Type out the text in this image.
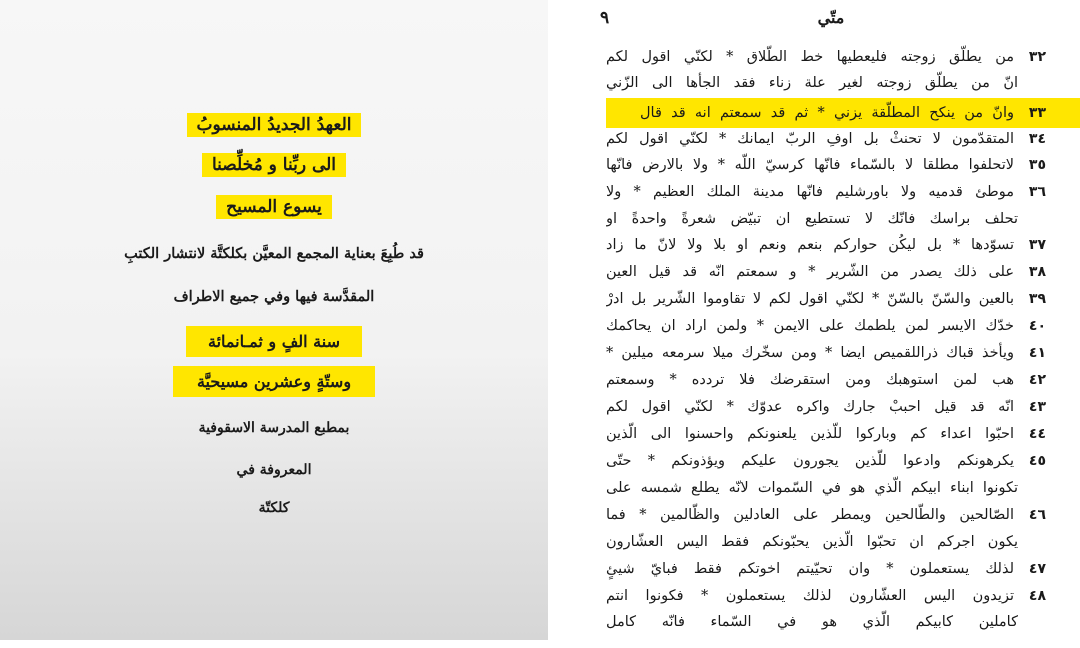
العهدُ الجديدُ المنسوبُ
الى ربِّنا و مُخلِّصنا
يسوع المسيح
قد طُبِعَ بعناية المجمع المعيَّن بكلكتَّة لانتشار الكتبِ
المقدَّسة فيها وفي جميع الاطراف
سنة الفٍ و ثمـانمائة
وستّةٍ وعشرين مسيحيَّة
بمطبع المدرسة الاسقوفية
المعروفة في
كلكتّة
٩	متّي
٣٢
من يطلّق زوجته فليعطيها خط الطّلاق * لكنّي اقول لكم
انّ من يطلّق زوجته لغير علة زناء فقد الجأها الى الزّني
٣٣
وانّ من ينكح المطلّقة يزني * ثم قد سمعتم انه قد قال
٣٤
المتقدّمون لا تحنثْ بل اوفِ الربّ ايمانك * لكنّي اقول لكم
٣٥
لاتحلفوا مطلقا لا بالسّماء فانّها كرسيّ اللّه * ولا بالارض فانّها
٣٦
موطئ قدميه ولا باورشليم فانّها مدينة الملك العظيم * ولا
تحلف براسك فانّك لا تستطيع ان تبيّض شعرةً واحدةً او
٣٧
تسوّدها * بل ليكُن حواركم بنعم ونعم او بلا ولا لانّ ما زاد
٣٨
على ذلك يصدر من الشّرير * و سمعتم انّه قد قيل العين
٣٩
بالعين والسّنّ بالسّنّ * لكنّي اقول لكم لا تقاوموا الشّرير بل ادرْ
٤٠
خدّك الايسر لمن يلطمك على الايمن * ولمن اراد ان يحاكمك
٤١
ويأخذ قباك ذراللقميص ايضا * ومن سخّرك ميلا سرمعه ميلين *
٤٢
هب لمن استوهبك ومن استقرضك فلا تردده * وسمعتم
٤٣
انّه قد قيل احببْ جارك واكره عدوّك * لكنّي اقول لكم
٤٤
احبّوا اعداء كم وباركوا للّذين يلعنونكم واحسنوا الى الّذين
٤٥
يكرهونكم وادعوا للّذين يجورون عليكم ويؤذونكم * حتّى
تكونوا ابناء ابيكم الّذي هو في السّموات لانّه يطلع شمسه على
٤٦
الصّالحين والطّالحين ويمطر على العادلين والظّالمين * فما
يكون اجركم ان تحبّوا الّذين يحبّونكم فقط اليس العشّارون
٤٧
لذلك يستعملون * وان تحيّيتم اخوتكم فقط فبايّ شيئٍ
٤٨
تزيدون اليس العشّارون لذلك يستعملون * فكونوا انتم
كاملين كابيكم الّذي هو في السّماء فانّه كامل
